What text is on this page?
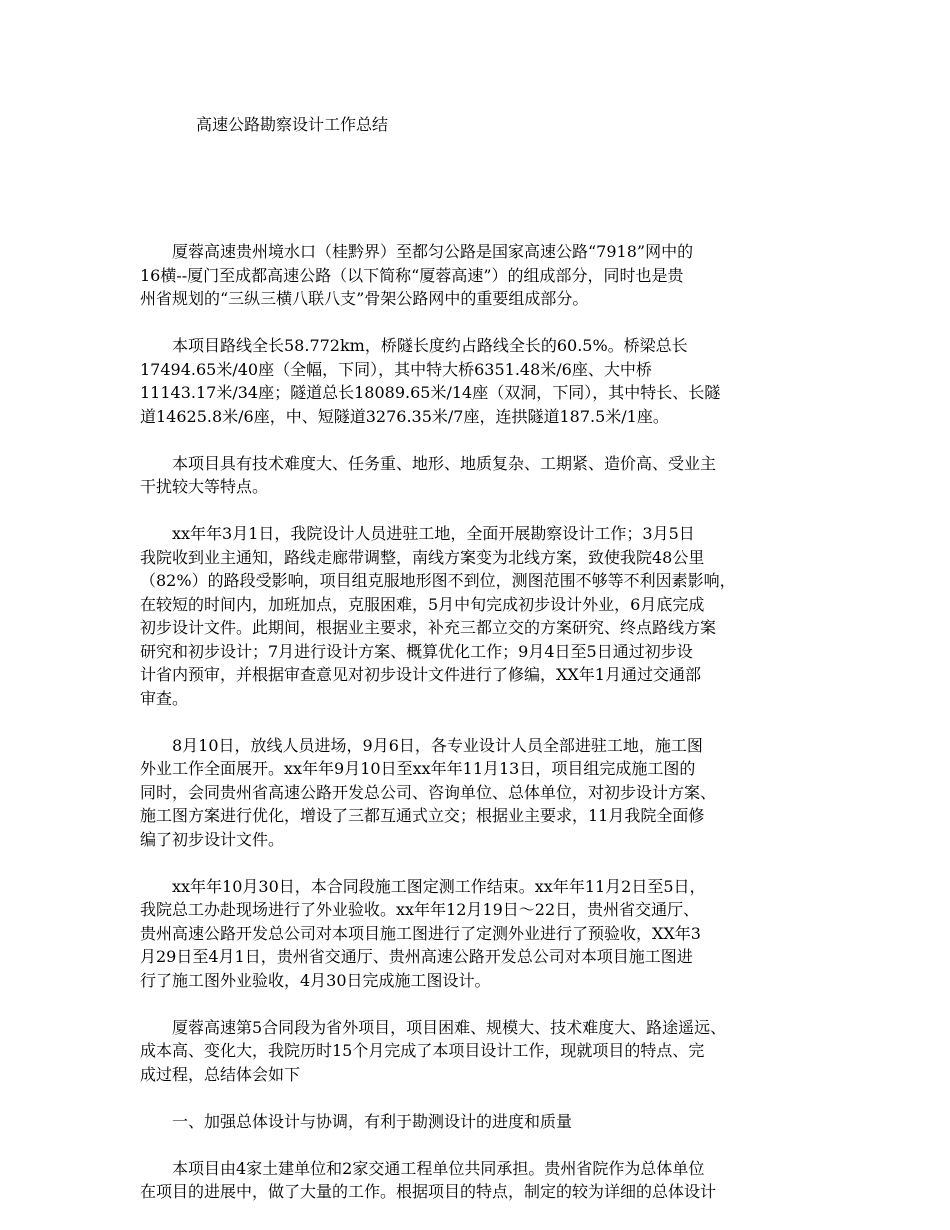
高速公路勘察设计工作总结

厦蓉高速贵州境水口（桂黔界）至都匀公路是国家高速公路“7918”网中的
16横--厦门至成都高速公路（以下简称“厦蓉高速”）的组成部分，同时也是贵
州省规划的“三纵三横八联八支”骨架公路网中的重要组成部分。

本项目路线全长58.772km，桥隧长度约占路线全长的60.5%。桥梁总长
17494.65米/40座（全幅，下同），其中特大桥6351.48米/6座、大中桥
11143.17米/34座；隧道总长18089.65米/14座（双洞，下同），其中特长、长隧
道14625.8米/6座，中、短隧道3276.35米/7座，连拱隧道187.5米/1座。

本项目具有技术难度大、任务重、地形、地质复杂、工期紧、造价高、受业主
干扰较大等特点。

xx年年3月1日，我院设计人员进驻工地，全面开展勘察设计工作；3月5日
我院收到业主通知，路线走廊带调整，南线方案变为北线方案，致使我院48公里
（82%）的路段受影响，项目组克服地形图不到位，测图范围不够等不利因素影响，
在较短的时间内，加班加点，克服困难，5月中旬完成初步设计外业，6月底完成
初步设计文件。此期间，根据业主要求，补充三都立交的方案研究、终点路线方案
研究和初步设计；7月进行设计方案、概算优化工作；9月4日至5日通过初步设
计省内预审，并根据审查意见对初步设计文件进行了修编，XX年1月通过交通部
审查。

8月10日，放线人员进场，9月6日，各专业设计人员全部进驻工地，施工图
外业工作全面展开。xx年年9月10日至xx年年11月13日，项目组完成施工图的
同时，会同贵州省高速公路开发总公司、咨询单位、总体单位，对初步设计方案、
施工图方案进行优化，增设了三都互通式立交；根据业主要求，11月我院全面修
编了初步设计文件。

xx年年10月30日，本合同段施工图定测工作结束。xx年年11月2日至5日，
我院总工办赴现场进行了外业验收。xx年年12月19日～22日，贵州省交通厅、
贵州高速公路开发总公司对本项目施工图进行了定测外业进行了预验收，XX年3
月29日至4月1日，贵州省交通厅、贵州高速公路开发总公司对本项目施工图进
行了施工图外业验收，4月30日完成施工图设计。

厦蓉高速第5合同段为省外项目，项目困难、规模大、技术难度大、路途遥远、
成本高、变化大，我院历时15个月完成了本项目设计工作，现就项目的特点、完
成过程，总结体会如下

一、加强总体设计与协调，有利于勘测设计的进度和质量

本项目由4家土建单位和2家交通工程单位共同承担。贵州省院作为总体单位
在项目的进展中，做了大量的工作。根据项目的特点，制定的较为详细的总体设计
